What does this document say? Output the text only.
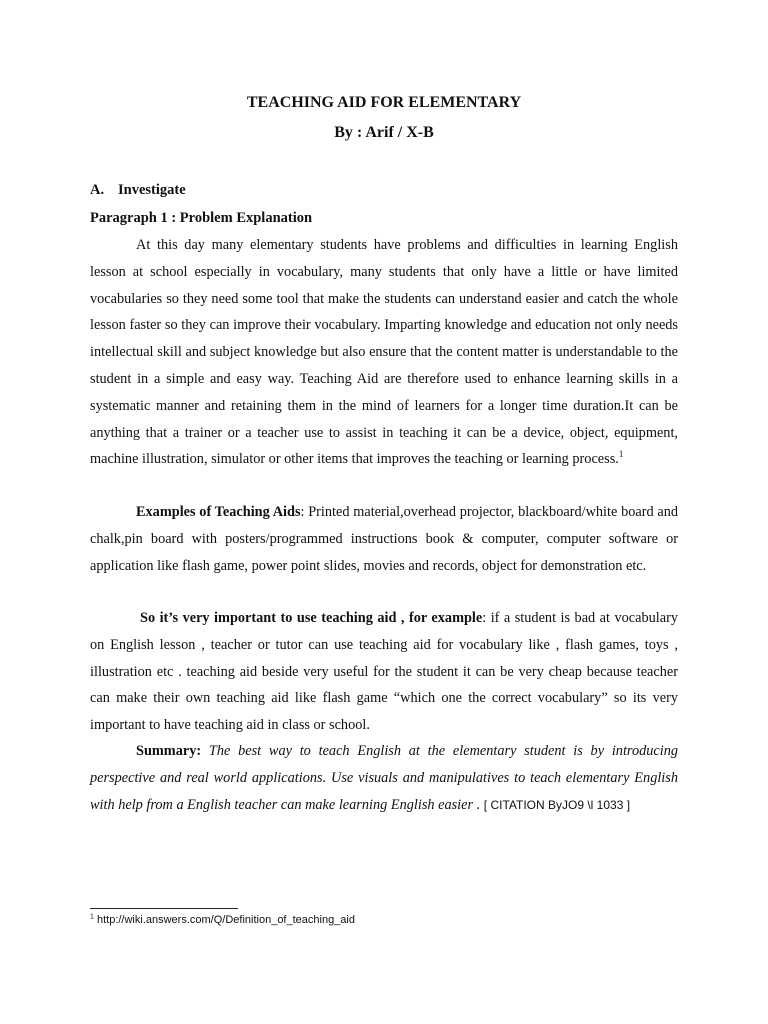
TEACHING AID FOR ELEMENTARY
By : Arif / X-B
A. Investigate
Paragraph 1 : Problem Explanation

At this day many elementary students have problems and difficulties in learning English lesson at school especially in vocabulary, many students that only have a little or have limited vocabularies so they need some tool that make the students can understand easier and catch the whole lesson faster so they can improve their vocabulary. Imparting knowledge and education not only needs intellectual skill and subject knowledge but also ensure that the content matter is understandable to the student in a simple and easy way. Teaching Aid are therefore used to enhance learning skills in a systematic manner and retaining them in the mind of learners for a longer time duration.It can be anything that a trainer or a teacher use to assist in teaching it can be a device, object, equipment, machine illustration, simulator or other items that improves the teaching or learning process.$^1$

Examples of Teaching Aids: Printed material,overhead projector, blackboard/white board and chalk,pin board with posters/programmed instructions book & computer, computer software or application like flash game, power point slides, movies and records, object for demonstration etc.

So it’s very important to use teaching aid , for example: if a student is bad at vocabulary on English lesson , teacher or tutor can use teaching aid for vocabulary like , flash games, toys , illustration etc . teaching aid beside very useful for the student it can be very cheap because teacher can make their own teaching aid like flash game “which one the correct vocabulary” so its very important to have teaching aid in class or school.

Summary: The best way to teach English at the elementary student is by introducing perspective and real world applications. Use visuals and manipulatives to teach elementary English with help from a English teacher can make learning English easier . [ CITATION ByJO9 \l 1033 ]

$^1$ http://wiki.answers.com/Q/Definition_of_teaching_aid
